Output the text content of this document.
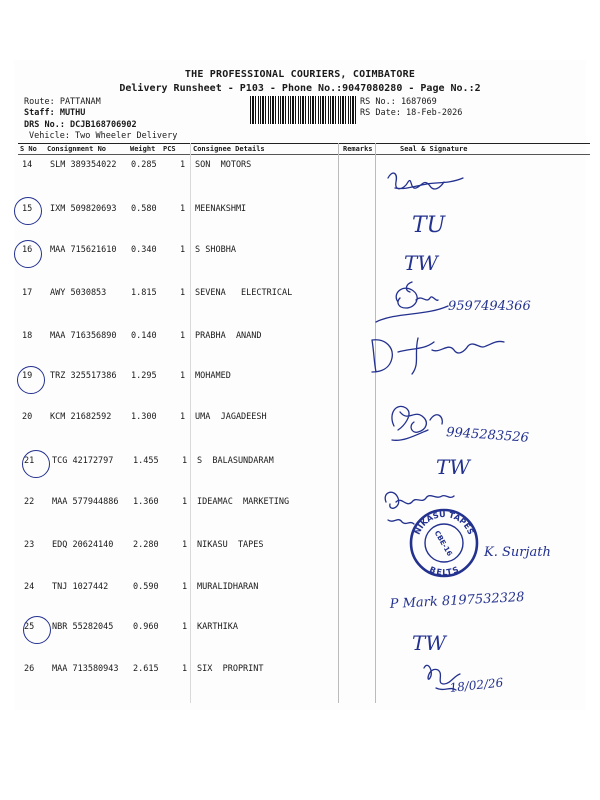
THE PROFESSIONAL COURIERS, COIMBATORE
Delivery Runsheet - P103 - Phone No.:9047080280 - Page No.:2
Route: PATTANAM
Staff: MUTHU
DRS No.: DCJB168706902
Vehicle: Two Wheeler Delivery
RS No.: 1687069
RS Date: 18-Feb-2026
S No Consignment No	Weight PCS Consignee Details	Remarks	Seal & Signature
14 SLM 389354022 0.285	1 SON  MOTORS
15 IXM 509820693 0.580	1 MEENAKSHMI
16 MAA 715621610 0.340	1 S SHOBHA
17 AWY 5030853	1.815	1 SEVENA   ELECTRICAL
18 MAA 716356890 0.140	1 PRABHA  ANAND
19 TRZ 325517386 1.295	1 MOHAMED
20 KCM 21682592 1.300	1 UMA  JAGADEESH
21 TCG 42172797 1.455	1 S  BALASUNDARAM
22 MAA 577944886 1.360	1 IDEAMAC  MARKETING
23 EDQ 20624140 2.280	1 NIKASU  TAPES
24 TNJ 1027442	0.590	1 MURALIDHARAN
25 NBR 55282045 0.960	1 KARTHIKA
26 MAA 713580943 2.615	1 SIX  PROPRINT
TU
TW
9597494366
9945283526
TW
K. Surjath
P Mark 8197532328
TW
18/02/26
NIKASU TAPES
BELTS
CBE-16
